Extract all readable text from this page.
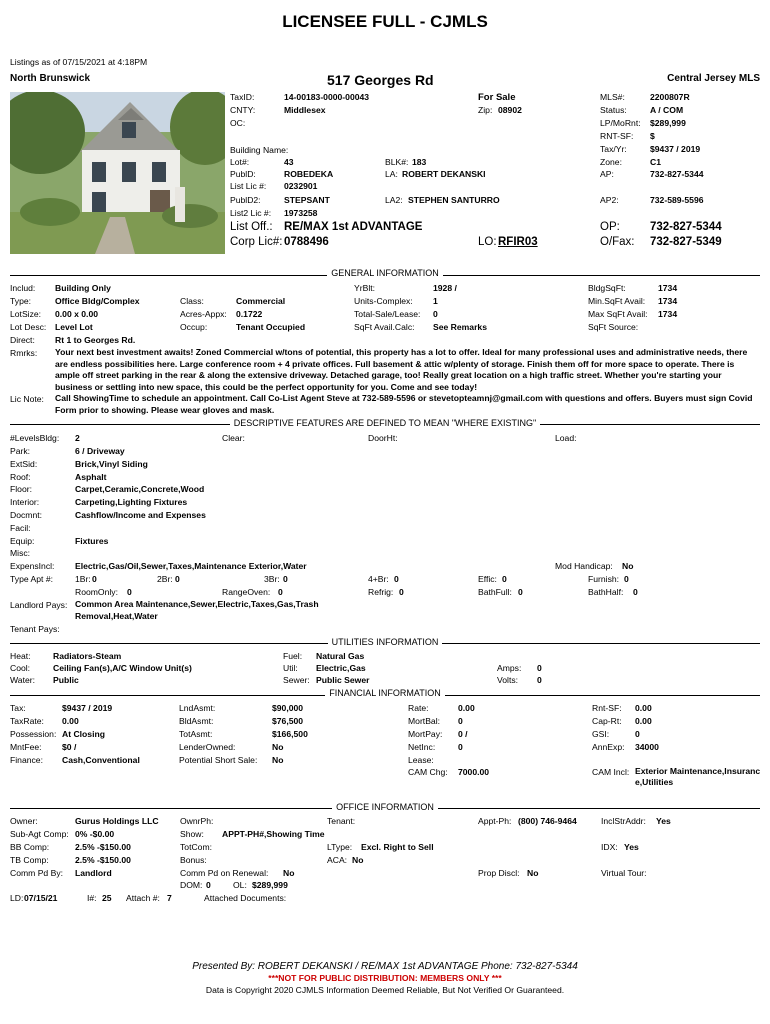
LICENSEE FULL - CJMLS
Listings as of 07/15/2021 at 4:18PM
North Brunswick	517 Georges Rd	Central Jersey MLS
TaxID:	14-00183-0000-00043
CNTY:	Middlesex
OC:
For Sale
Zip: 08902
Building Name:
Lot#:	43	BLK#: 183
PublD:	ROBEDEKA	LA: ROBERT DEKANSKI
List Lic #: 0232901
PublD2:	STEPSANT	LA2: STEPHEN SANTURRO
List2 Lic #: 1973258
List Off.: RE/MAX 1st ADVANTAGE
Corp Lic#: 0788496	LO: RFIR03
MLS#:	2200807R
Status:	A / COM
LP/MoRnt: $289,999
RNT-SF: $
Tax/Yr:	$9437 / 2019
Zone:	C1
AP:	732-827-5344
AP2:	732-589-5596
OP:	732-827-5344
O/Fax: 732-827-5349
GENERAL INFORMATION
Includ: Building Only
Type:	Office Bldg/Complex	Class:	Commercial
LotSize: 0.00 x 0.00	Acres-Appx: 0.1722
Lot Desc: Level Lot	Occup:	Tenant Occupied
YrBlt:	1928 /
Units-Complex: 1
Total-Sale/Lease: 0
SqFt Avail.Calc: See Remarks
BldgSqFt:	1734
Min.SqFt Avail: 1734
Max SqFt Avail: 1734
SqFt Source:
Direct: Rt 1 to Georges Rd.
Rmrks: Your next best investment awaits! Zoned Commercial w/tons of potential, this property has a lot to offer. Ideal for many professional uses and administrative needs, there are endless possibilities here. Large conference room + 4 private offices. Full basement & attic w/plenty of storage. Finish them off for more space to operate. There is ample off street parking in the rear & along the extensive driveway. Detached garage, too! Really great location on a high traffic street. Whether you're starting your business or settling into new space, this could be the perfect opportunity for you. Come and see today!
Lic Note: Call ShowingTime to schedule an appointment. Call Co-List Agent Steve at 732-589-5596 or stevetopteamnj@gmail.com with questions and offers. Buyers must sign Covid Form prior to showing. Please wear gloves and mask.
DESCRIPTIVE FEATURES ARE DEFINED TO MEAN "WHERE EXISTING"
#LevelsBldg: 2	Clear:	DoorHt:	Load:
Park:	6 / Driveway
ExtSid:	Brick,Vinyl Siding
Roof:	Asphalt
Floor:	Carpet,Ceramic,Concrete,Wood
Interior:	Carpeting,Lighting Fixtures
Docmnt:	Cashflow/Income and Expenses
Facil:
Equip:	Fixtures
Misc:
ExpensIncl: Electric,Gas/Oil,Sewer,Taxes,Maintenance Exterior,Water	Mod Handicap: No
Type Apt #:	1Br: 0	2Br: 0	3Br: 0	4+Br: 0	Effic: 0	Furnish: 0
RoomOnly: 0	RangeOven: 0	Refrig: 0	BathFull: 0	BathHalf: 0
Landlord Pays: Common Area Maintenance,Sewer,Electric,Taxes,Gas,Trash Removal,Heat,Water
Tenant Pays:
UTILITIES INFORMATION
Heat:	Radiators-Steam
Cool:	Ceiling Fan(s),A/C Window Unit(s)
Water: Public
Fuel: Natural Gas
Util: Electric,Gas
Sewer: Public Sewer
Amps: 0
Volts: 0
FINANCIAL INFORMATION
Tax:	$9437 / 2019
TaxRate: 0.00
Possession: At Closing
MntFee: $0 /
Finance: Cash,Conventional
LndAsmt:	$90,000
BldAsmt:	$76,500
TotAsmt:	$166,500
LenderOwned:	No
Potential Short Sale: No
Rate:	0.00
MortBal: 0
MortPay: 0 /
NetInc:	0
Lease:
CAM Chg: 7000.00
Rnt-SF: 0.00
Cap-Rt: 0.00
GSI:	0
AnnExp: 34000
CAM Incl: Exterior Maintenance,Insurance,Utilities
OFFICE INFORMATION
Owner:	Gurus Holdings LLC
Sub-Agt Comp: 0% -$0.00
BB Comp:	2.5% -$150.00
TB Comp:	2.5% -$150.00
Comm Pd By: Landlord
OwnrPh:
Show: APPT-PH#,Showing Time
TotCom:
Bonus:
Comm Pd on Renewal: No
DOM: 0	OL: $289,999
Tenant:
LType: Excl. Right to Sell
ACA: No
Appt-Ph: (800) 746-9464
Prop Discl: No
InclStrAddr: Yes
IDX: Yes
Virtual Tour:
LD: 07/15/21	I#: 25 Attach #: 7	Attached Documents:
Presented By: ROBERT DEKANSKI / RE/MAX 1st ADVANTAGE Phone: 732-827-5344
***NOT FOR PUBLIC DISTRIBUTION: MEMBERS ONLY ***
Data is Copyright 2020 CJMLS Information Deemed Reliable, But Not Verified Or Guaranteed.
